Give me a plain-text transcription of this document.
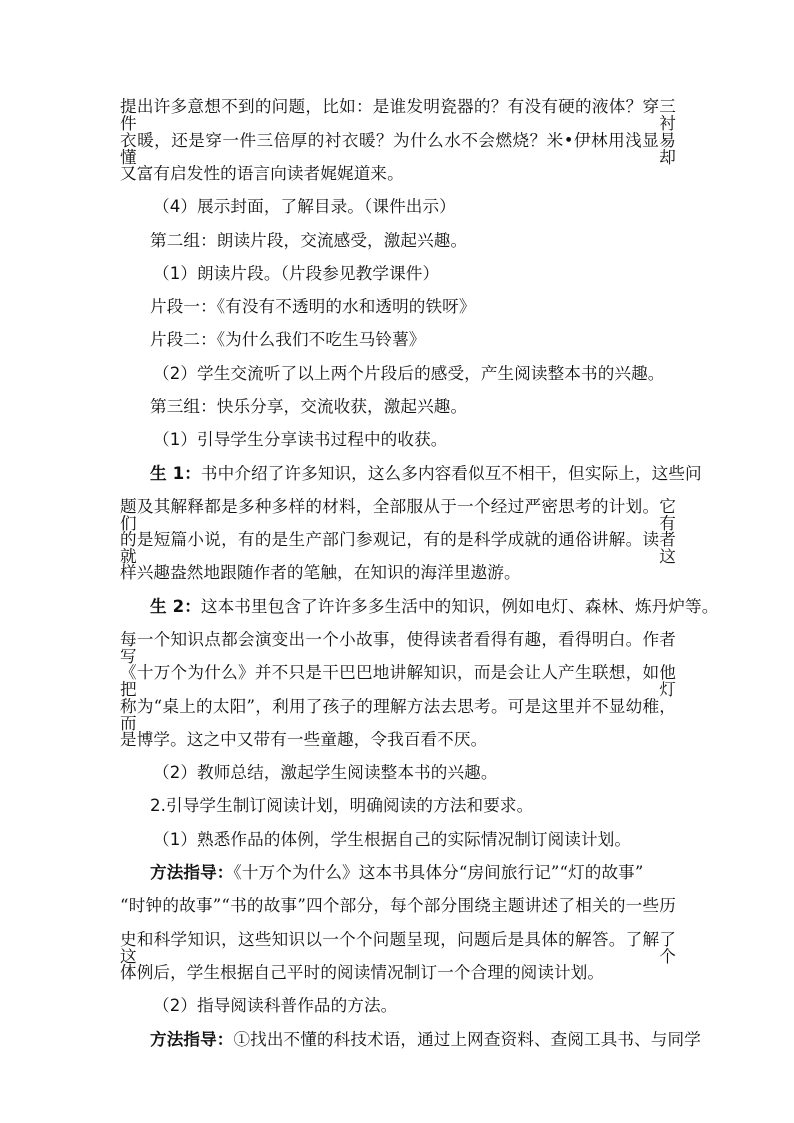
提出许多意想不到的问题，比如：是谁发明瓷器的？有没有硬的液体？穿三件衬
衣暖，还是穿一件三倍厚的衬衣暖？为什么水不会燃烧？米•伊林用浅显易懂却
又富有启发性的语言向读者娓娓道来。
（4）展示封面，了解目录。（课件出示）
第二组：朗读片段，交流感受，激起兴趣。
（1）朗读片段。（片段参见教学课件）
片段一：《有没有不透明的水和透明的铁呀》
片段二：《为什么我们不吃生马铃薯》
（2）学生交流听了以上两个片段后的感受，产生阅读整本书的兴趣。
第三组：快乐分享，交流收获，激起兴趣。
（1）引导学生分享读书过程中的收获。
生 1：书中介绍了许多知识，这么多内容看似互不相干，但实际上，这些问
题及其解释都是多种多样的材料，全部服从于一个经过严密思考的计划。它们有
的是短篇小说，有的是生产部门参观记，有的是科学成就的通俗讲解。读者就这
样兴趣盎然地跟随作者的笔触，在知识的海洋里遨游。
生 2：这本书里包含了许许多多生活中的知识，例如电灯、森林、炼丹炉等。
每一个知识点都会演变出一个小故事，使得读者看得有趣，看得明白。作者写
《十万个为什么》并不只是干巴巴地讲解知识，而是会让人产生联想，如他把灯
称为“桌上的太阳”，利用了孩子的理解方法去思考。可是这里并不显幼稚，而
是博学。这之中又带有一些童趣，令我百看不厌。
（2）教师总结，激起学生阅读整本书的兴趣。
2.引导学生制订阅读计划，明确阅读的方法和要求。
（1）熟悉作品的体例，学生根据自己的实际情况制订阅读计划。
方法指导：《十万个为什么》这本书具体分“房间旅行记”“灯的故事”
“时钟的故事”“书的故事”四个部分，每个部分围绕主题讲述了相关的一些历
史和科学知识，这些知识以一个个问题呈现，问题后是具体的解答。了解了这个
体例后，学生根据自己平时的阅读情况制订一个合理的阅读计划。
（2）指导阅读科普作品的方法。
方法指导：①找出不懂的科技术语，通过上网查资料、查阅工具书、与同学
